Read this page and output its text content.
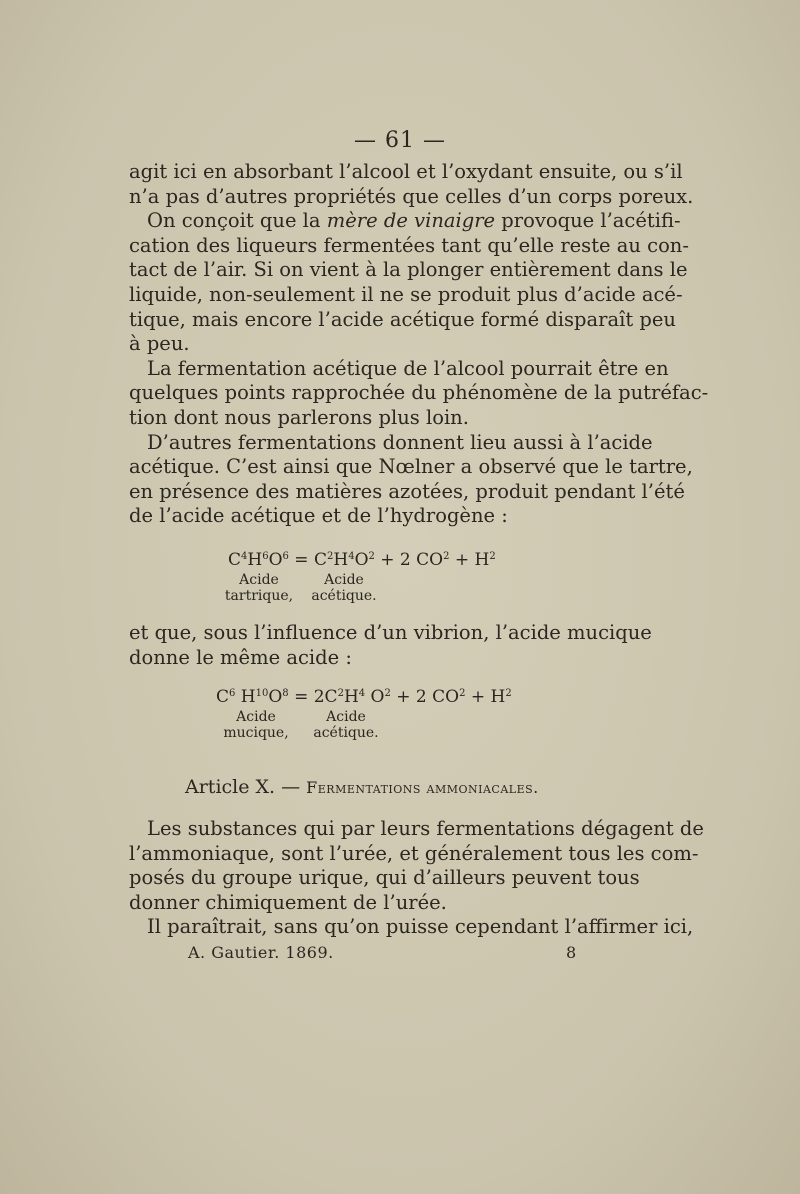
— 61 —
agit ici en absorbant l’alcool et l’oxydant ensuite, ou s’il
n’a pas d’autres propriétés que celles d’un corps poreux.
On conçoit que la mère de vinaigre provoque l’acétifi-
cation des liqueurs fermentées tant qu’elle reste au con-
tact de l’air. Si on vient à la plonger entièrement dans le
liquide, non-seulement il ne se produit plus d’acide acé-
tique, mais encore l’acide acétique formé disparaît peu
à peu.
La fermentation acétique de l’alcool pourrait être en
quelques points rapprochée du phénomène de la putréfac-
tion dont nous parlerons plus loin.
D’autres fermentations donnent lieu aussi à l’acide
acétique. C’est ainsi que Nœlner a observé que le tartre,
en présence des matières azotées, produit pendant l’été
de l’acide acétique et de l’hydrogène :
$C^4H^6O^6 = C^2H^4O^2 + 2$ $CO^2 + H^2$
Acide
tartrique,
Acide
acétique.
et que, sous l’influence d’un vibrion, l’acide mucique
donne le même acide :
$C^6$ $H^{10}O^8 = 2C^2H^4$ $O^2 + 2$ $CO^2 + H^2$
Acide
mucique,
Acide
acétique.
Article X. — Fermentations ammoniacales.
Les substances qui par leurs fermentations dégagent de
l’ammoniaque, sont l’urée, et généralement tous les com-
posés du groupe urique, qui d’ailleurs peuvent tous
donner chimiquement de l’urée.
Il paraîtrait, sans qu’on puisse cependant l’affirmer ici,
A. Gautier. 1869.	8
